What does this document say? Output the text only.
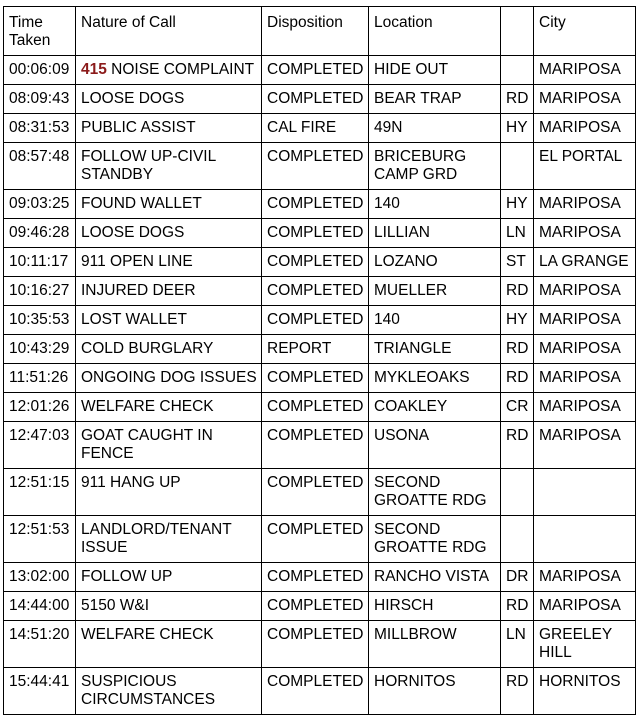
Time Taken	Nature of Call	Disposition	Location		City
00:06:09	415 NOISE COMPLAINT	COMPLETED	HIDE OUT		MARIPOSA
08:09:43	LOOSE DOGS	COMPLETED	BEAR TRAP	RD	MARIPOSA
08:31:53	PUBLIC ASSIST	CAL FIRE	49N	HY	MARIPOSA
08:57:48	FOLLOW UP-CIVIL STANDBY	COMPLETED	BRICEBURG CAMP GRD		EL PORTAL
09:03:25	FOUND WALLET	COMPLETED	140	HY	MARIPOSA
09:46:28	LOOSE DOGS	COMPLETED	LILLIAN	LN	MARIPOSA
10:11:17	911 OPEN LINE	COMPLETED	LOZANO	ST	LA GRANGE
10:16:27	INJURED DEER	COMPLETED	MUELLER	RD	MARIPOSA
10:35:53	LOST WALLET	COMPLETED	140	HY	MARIPOSA
10:43:29	COLD BURGLARY	REPORT	TRIANGLE	RD	MARIPOSA
11:51:26	ONGOING DOG ISSUES	COMPLETED	MYKLEOAKS	RD	MARIPOSA
12:01:26	WELFARE CHECK	COMPLETED	COAKLEY	CR	MARIPOSA
12:47:03	GOAT CAUGHT IN FENCE	COMPLETED	USONA	RD	MARIPOSA
12:51:15	911 HANG UP	COMPLETED	SECOND GROATTE RDG		
12:51:53	LANDLORD/TENANT ISSUE	COMPLETED	SECOND GROATTE RDG		
13:02:00	FOLLOW UP	COMPLETED	RANCHO VISTA	DR	MARIPOSA
14:44:00	5150 W&I	COMPLETED	HIRSCH	RD	MARIPOSA
14:51:20	WELFARE CHECK	COMPLETED	MILLBROW	LN	GREELEY HILL
15:44:41	SUSPICIOUS CIRCUMSTANCES	COMPLETED	HORNITOS	RD	HORNITOS
